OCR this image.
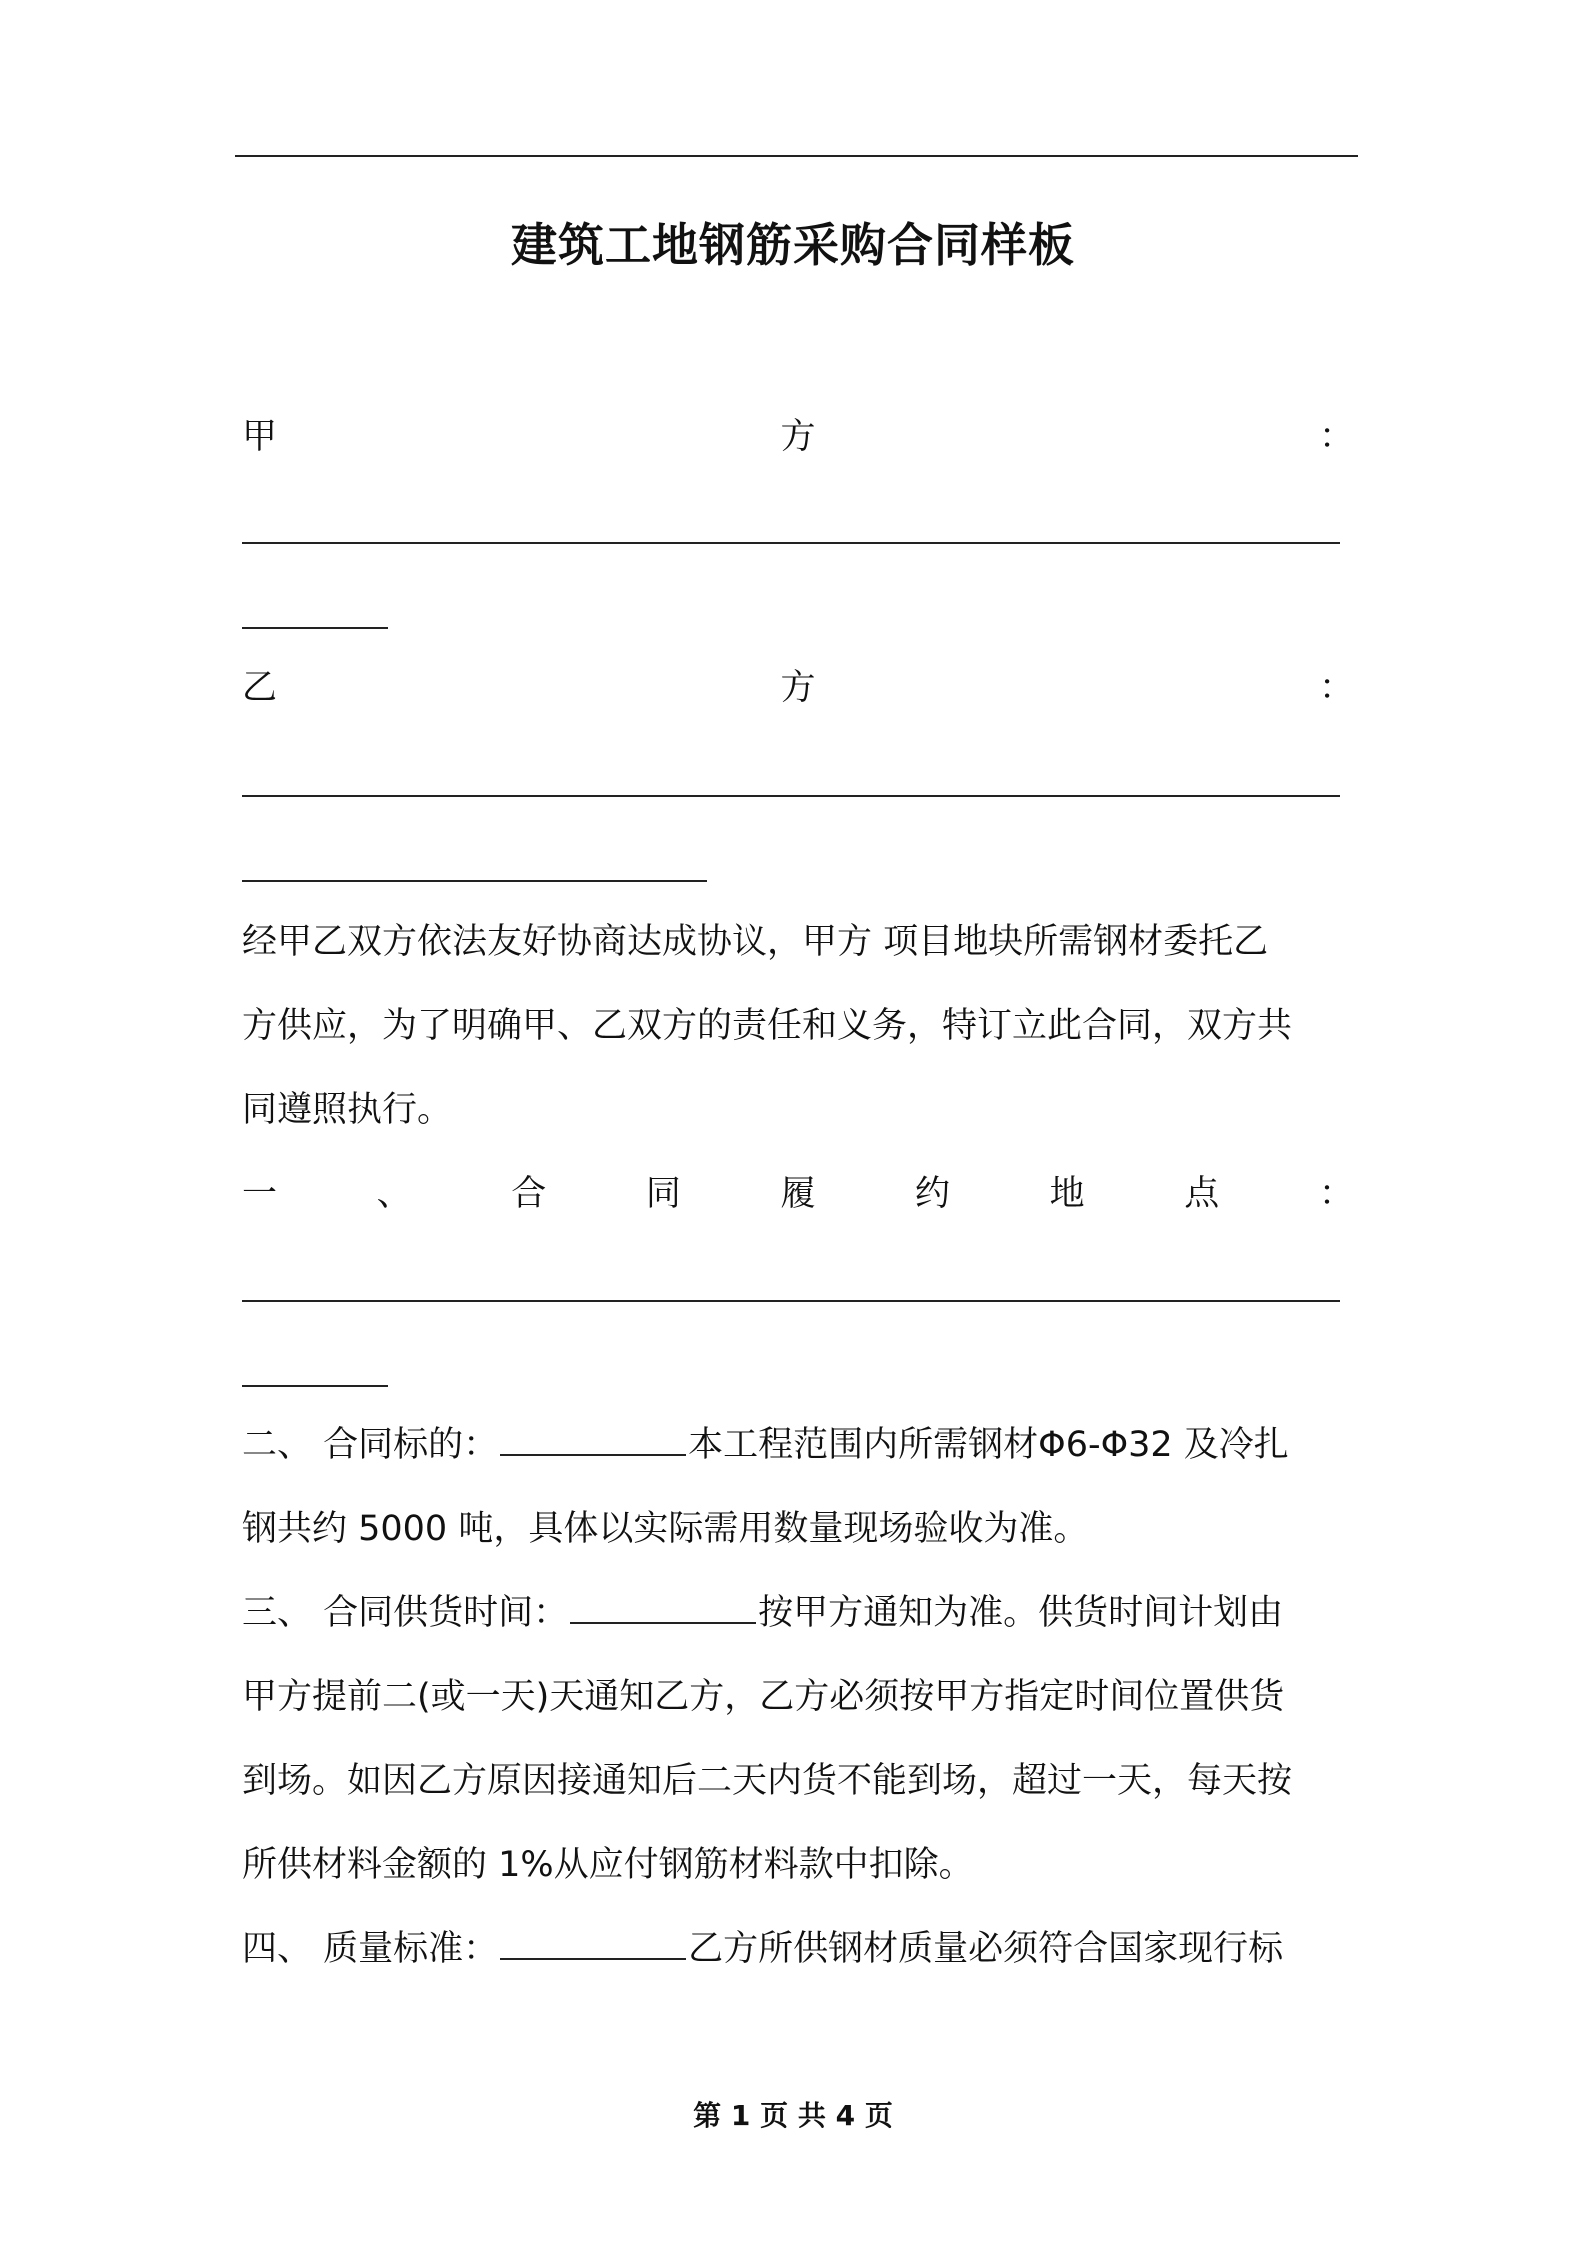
建筑工地钢筋采购合同样板
甲	方	：
乙	方	：

经甲乙双方依法友好协商达成协议，甲方 项目地块所需钢材委托乙

方供应，为了明确甲、乙双方的责任和义务，特订立此合同，双方共

同遵照执行。

一	、	合	同	履	约	地	点	：

二、 合同标的：	本工程范围内所需钢材Φ6-Φ32 及冷扎

钢共约 5000 吨，具体以实际需用数量现场验收为准。

三、 合同供货时间：	按甲方通知为准。供货时间计划由

甲方提前二(或一天)天通知乙方，乙方必须按甲方指定时间位置供货

到场。如因乙方原因接通知后二天内货不能到场，超过一天，每天按

所供材料金额的 1%从应付钢筋材料款中扣除。

四、 质量标准：	乙方所供钢材质量必须符合国家现行标

第 1 页 共 4 页
